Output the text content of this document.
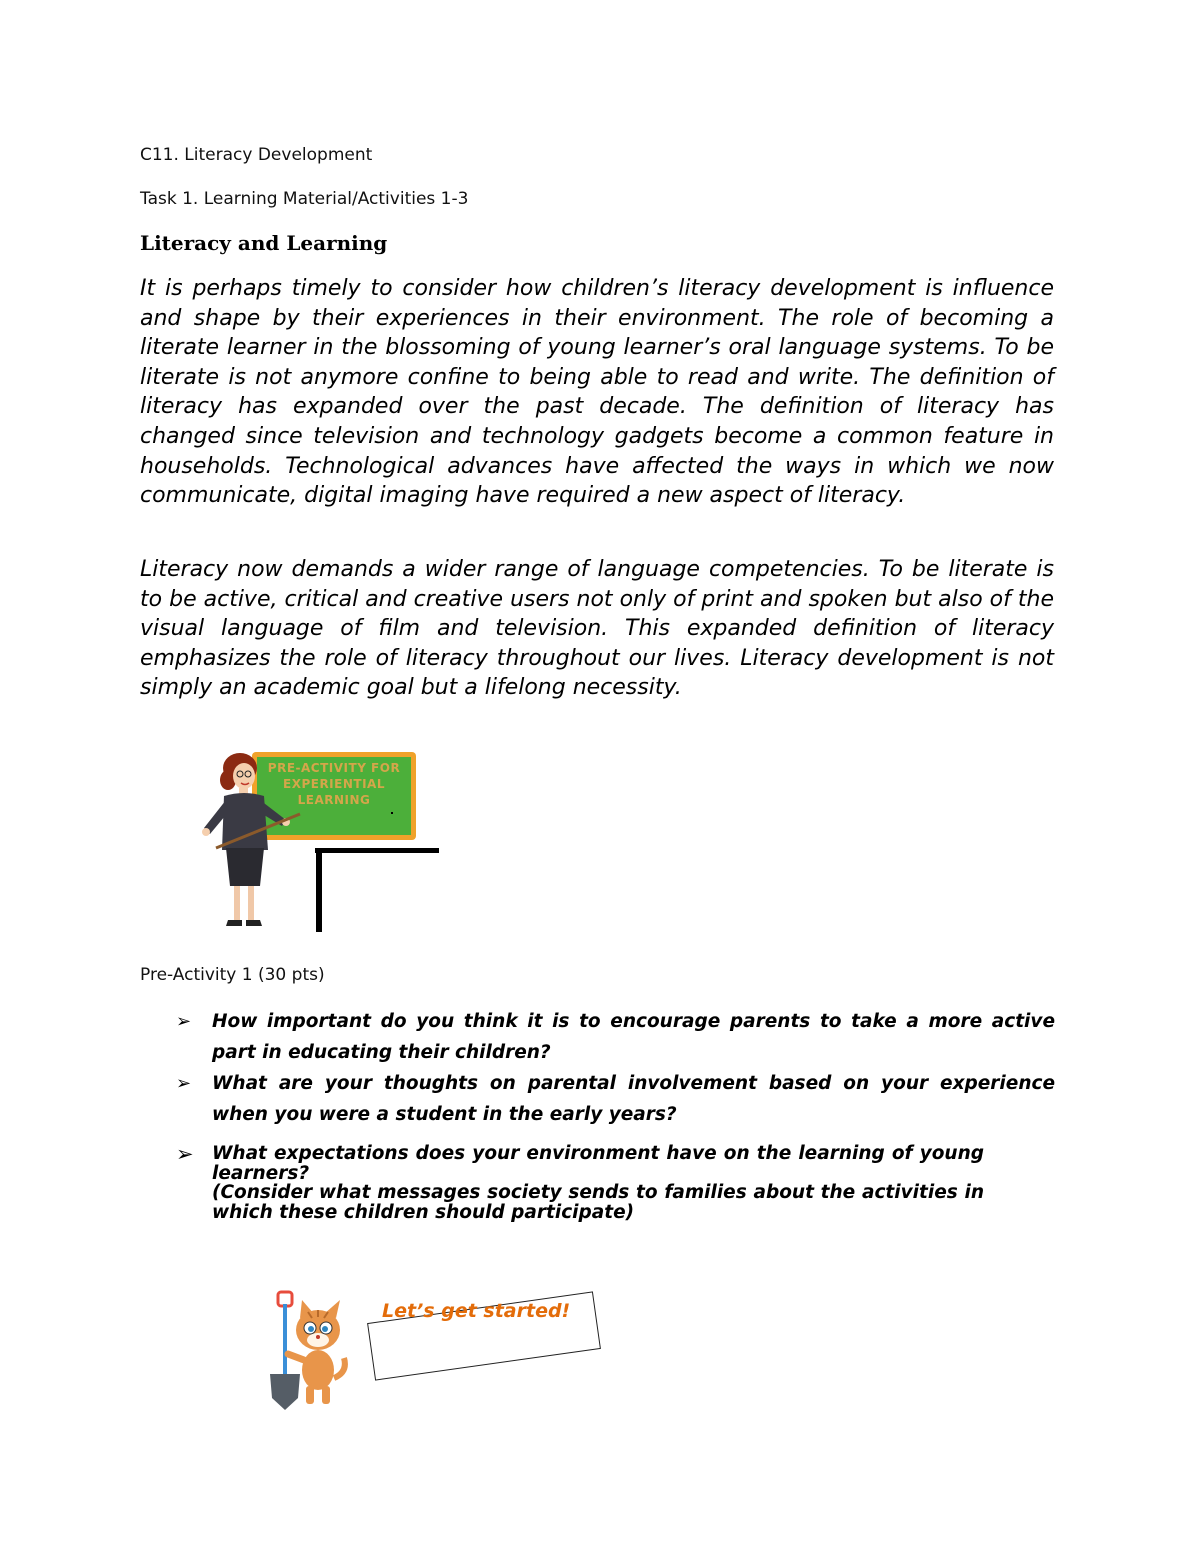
C11. Literacy Development
Task 1. Learning Material/Activities 1-3
Literacy and Learning
It is perhaps timely to consider how children’s literacy development is influence and shape by their experiences in their environment. The role of becoming a literate learner in the blossoming of young learner’s oral language systems. To be literate is not anymore confine to being able to read and write. The definition of literacy has expanded over the past decade. The definition of literacy has changed since television and technology gadgets become a common feature in households. Technological advances have affected the ways in which we now communicate, digital imaging have required a new aspect of literacy.
Literacy now demands a wider range of language competencies. To be literate is to be active, critical and creative users not only of print and spoken but also of the visual language of film and television. This expanded definition of literacy emphasizes the role of literacy throughout our lives. Literacy development is not simply an academic goal but a lifelong necessity.
PRE-ACTIVITY FOR EXPERIENTIAL LEARNING
Pre-Activity 1 (30 pts)
➢ How important do you think it is to encourage parents to take a more active part in educating their children?
➢ What are your thoughts on parental involvement based on your experience when you were a student in the early years?
➢ What expectations does your environment have on the learning of young learners?
(Consider what messages society sends to families about the activities in which these children should participate)
Let’s get started!
